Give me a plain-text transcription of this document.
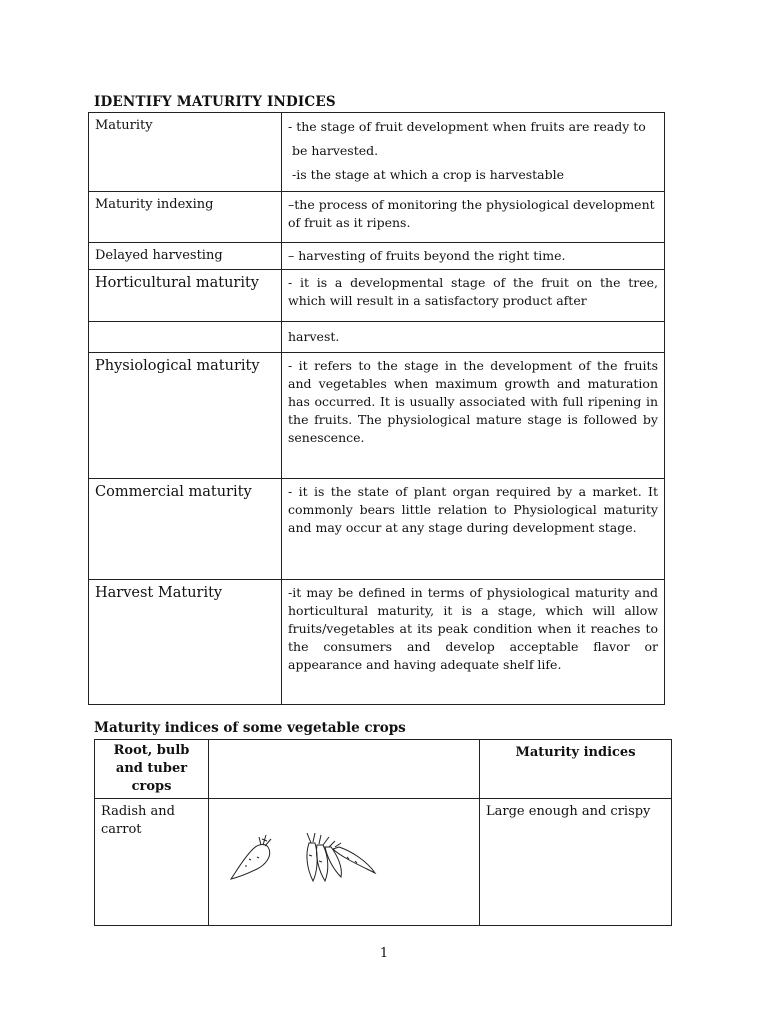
IDENTIFY MATURITY INDICES
Maturity	- the stage of fruit development when fruits are ready to

be harvested.

-is the stage at which a crop is harvestable

Maturity indexing	–the process of monitoring the physiological development of fruit as it ripens.

Delayed harvesting	– harvesting of fruits beyond the right time.

Horticultural maturity	- it is a developmental stage of the fruit on the tree, which will result in a satisfactory product after

	harvest.

Physiological maturity	- it refers to the stage in the development of the fruits and vegetables when maximum growth and maturation has occurred. It is usually associated with full ripening in the fruits. The physiological mature stage is followed by senescence.

Commercial maturity	- it is the state of plant organ required by a market. It commonly bears little relation to Physiological maturity and may occur at any stage during development stage.

Harvest Maturity	-it may be defined in terms of physiological maturity and horticultural maturity, it is a stage, which will allow fruits/vegetables at its peak condition when it reaches to the consumers and develop acceptable flavor or appearance and having adequate shelf life.

Maturity indices of some vegetable crops
Root, bulb and tuber crops		Maturity indices
Radish and carrot		Large enough and crispy
1
